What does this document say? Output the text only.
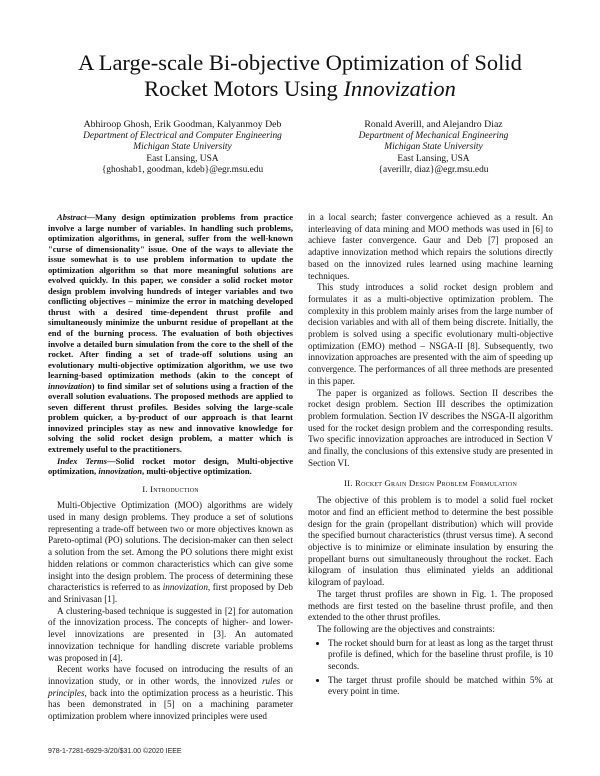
A Large-scale Bi-objective Optimization of Solid
Rocket Motors Using Innovization
Abhiroop Ghosh, Erik Goodman, Kalyanmoy Deb
Department of Electrical and Computer Engineering
Michigan State University
East Lansing, USA
{ghoshab1, goodman, kdeb}@egr.msu.edu
Ronald Averill, and Alejandro Diaz
Department of Mechanical Engineering
Michigan State University
East Lansing, USA
{averillr, diaz}@egr.msu.edu

Abstract—Many design optimization problems from practice involve a large number of variables. In handling such problems, optimization algorithms, in general, suffer from the well-known "curse of dimensionality" issue. One of the ways to alleviate the issue somewhat is to use problem information to update the optimization algorithm so that more meaningful solutions are evolved quickly. In this paper, we consider a solid rocket motor design problem involving hundreds of integer variables and two conflicting objectives – minimize the error in matching developed thrust with a desired time-dependent thrust profile and simultaneously minimize the unburnt residue of propellant at the end of the burning process. The evaluation of both objectives involve a detailed burn simulation from the core to the shell of the rocket. After finding a set of trade-off solutions using an evolutionary multi-objective optimization algorithm, we use two learning-based optimization methods (akin to the concept of innovization) to find similar set of solutions using a fraction of the overall solution evaluations. The proposed methods are applied to seven different thrust profiles. Besides solving the large-scale problem quicker, a by-product of our approach is that learnt innovized principles stay as new and innovative knowledge for solving the solid rocket design problem, a matter which is extremely useful to the practitioners.

Index Terms—Solid rocket motor design, Multi-objective optimization, innovization, multi-objective optimization.

I. Introduction

Multi-Objective Optimization (MOO) algorithms are widely used in many design problems. They produce a set of solutions representing a trade-off between two or more objectives known as Pareto-optimal (PO) solutions. The decision-maker can then select a solution from the set. Among the PO solutions there might exist hidden relations or common characteristics which can give some insight into the design problem. The process of determining these characteristics is referred to as innovization, first proposed by Deb and Srinivasan [1].

A clustering-based technique is suggested in [2] for automation of the innovization process. The concepts of higher- and lower-level innovizations are presented in [3]. An automated innovization technique for handling discrete variable problems was proposed in [4].

Recent works have focused on introducing the results of an innovization study, or in other words, the innovized rules or principles, back into the optimization process as a heuristic. This has been demonstrated in [5] on a machining parameter optimization problem where innovized principles were used

in a local search; faster convergence achieved as a result. An interleaving of data mining and MOO methods was used in [6] to achieve faster convergence. Gaur and Deb [7] proposed an adaptive innovization method which repairs the solutions directly based on the innovized rules learned using machine learning techniques.

This study introduces a solid rocket design problem and formulates it as a multi-objective optimization problem. The complexity in this problem mainly arises from the large number of decision variables and with all of them being discrete. Initially, the problem is solved using a specific evolutionary multi-objective optimization (EMO) method – NSGA-II [8]. Subsequently, two innovization approaches are presented with the aim of speeding up convergence. The performances of all three methods are presented in this paper.

The paper is organized as follows. Section II describes the rocket design problem. Section III describes the optimization problem formulation. Section IV describes the NSGA-II algorithm used for the rocket design problem and the corresponding results. Two specific innovization approaches are introduced in Section V and finally, the conclusions of this extensive study are presented in Section VI.

II. Rocket Grain Design Problem Formulation

The objective of this problem is to model a solid fuel rocket motor and find an efficient method to determine the best possible design for the grain (propellant distribution) which will provide the specified burnout characteristics (thrust versus time). A second objective is to minimize or eliminate insulation by ensuring the propellant burns out simultaneously throughout the rocket. Each kilogram of insulation thus eliminated yields an additional kilogram of payload.

The target thrust profiles are shown in Fig. 1. The proposed methods are first tested on the baseline thrust profile, and then extended to the other thrust profiles.

The following are the objectives and constraints:

• The rocket should burn for at least as long as the target thrust profile is defined, which for the baseline thrust profile, is 10 seconds.
• The target thrust profile should be matched within 5% at every point in time.
978-1-7281-6929-3/20/$31.00 ©2020 IEEE
